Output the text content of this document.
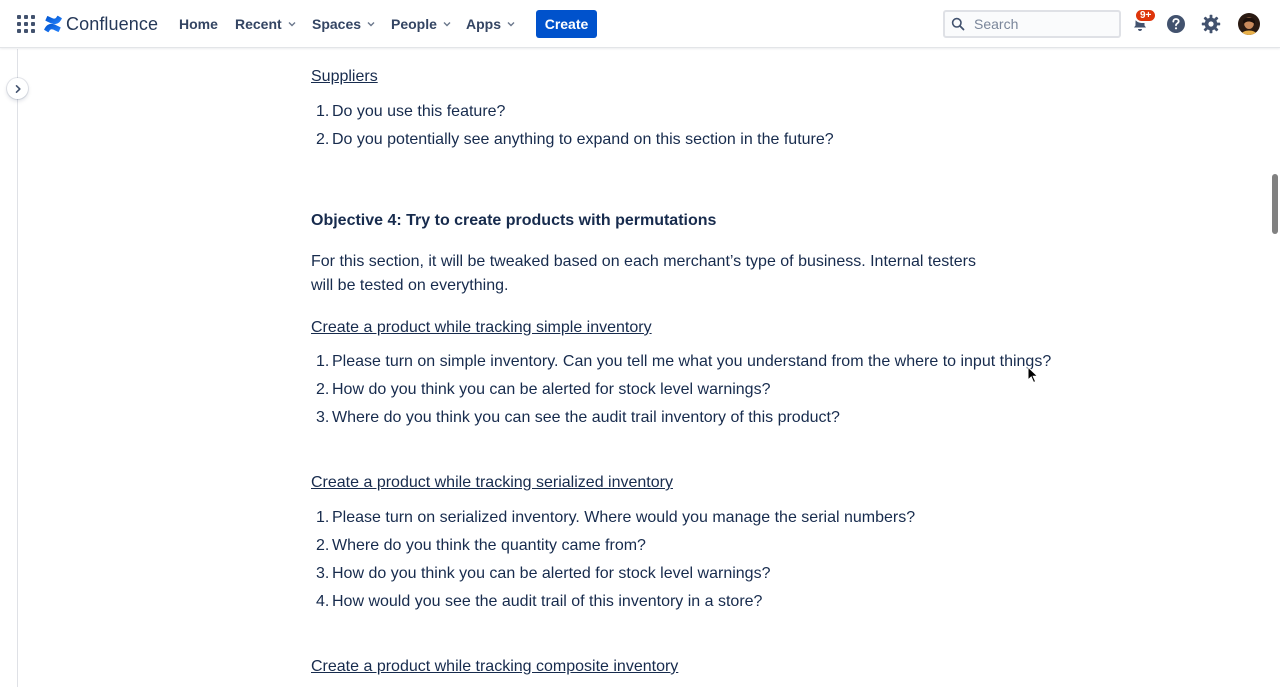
Confluence Home Recent Spaces People Apps	Create
Search
9+
Suppliers
1. Do you use this feature?
2. Do you potentially see anything to expand on this section in the future?
Objective 4: Try to create products with permutations
For this section, it will be tweaked based on each merchant’s type of business. Internal testers will be tested on everything.
Create a product while tracking simple inventory
1. Please turn on simple inventory. Can you tell me what you understand from the where to input things?
2. How do you think you can be alerted for stock level warnings?
3. Where do you think you can see the audit trail inventory of this product?
Create a product while tracking serialized inventory
1. Please turn on serialized inventory. Where would you manage the serial numbers?
2. Where do you think the quantity came from?
3. How do you think you can be alerted for stock level warnings?
4. How would you see the audit trail of this inventory in a store?
Create a product while tracking composite inventory
